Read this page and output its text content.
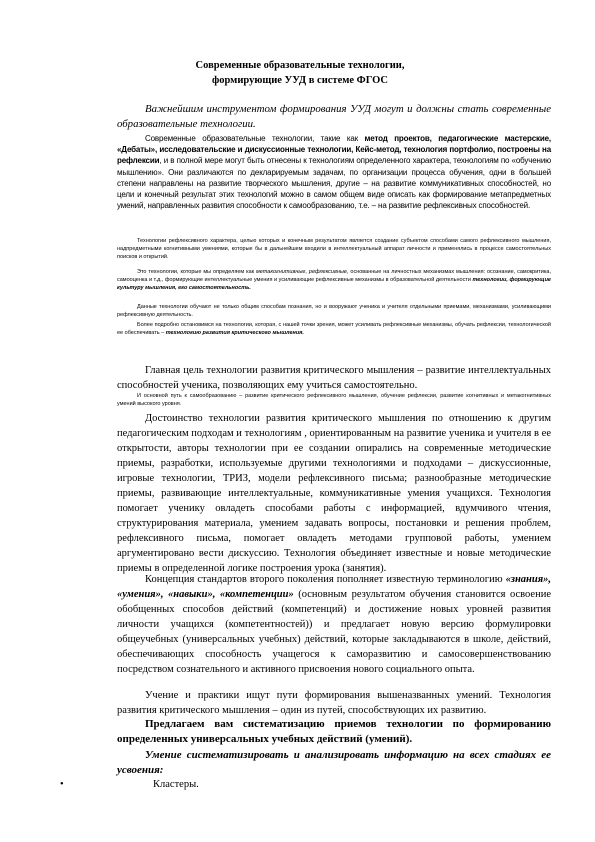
Современные образовательные технологии,
формирующие УУД в системе ФГОС
Важнейшим инструментом формирования УУД могут и должны стать современные образовательные технологии.
Современные образовательные технологии, такие как метод проектов, педагогические мастерские, «Дебаты», исследовательские и дискуссионные технологии, Кейс-метод, технология портфолио, построены на рефлексии, и в полной мере могут быть отнесены к технологиям определенного характера, технологиям по «обучению мышлению». Они различаются по декларируемым задачам, по организации процесса обучения, одни в большей степени направлены на развитие творческого мышления, другие – на развитие коммуникативных способностей, но цели и конечный результат этих технологий можно в самом общем виде описать как формирование метапредметных умений, направленных развития способности к самообразованию, т.е. – на развитие рефлексивных способностей.
Технологии рефлексивного характера, целью которых и конечным результатом является создание субъектом способами самого рефлексивного мышления, надпредметными когнитивными умениями, которые бы в дальнейшем входили в интеллектуальный аппарат личности и применялись в процессе самостоятельных поисков и открытий.
Это технологии, которые мы определяем как метакогнитивные, рефлексивные, основанные на личностных механизмах мышления: осознание, самокритика, самооценка и т.д., формирующие интеллектуальные умения и усиливающие рефлексивные механизмы в образовательной деятельности технологии, формирующие культуру мышления, его самостоятельность.
Данные технологии обучают не только общим способам познания, но и вооружают ученика и учителя отдельными приемами, механизмами, усиливающими рефлексивную деятельность.
Более подробно остановимся на технологии, которая, с нашей точки зрения, может усиливать рефлексивные механизмы, обучать рефлексии, технологической ее обеспечивать – технологию развития критического мышления.
Главная цель технологии развития критического мышления – развитие интеллектуальных способностей ученика, позволяющих ему учиться самостоятельно.
И основной путь к самообразованию – развитие критического рефлексивного мышления, обучение рефлексии, развитие когнитивных и метакогнитивных умений высокого уровня.
Достоинство технологии развития критического мышления по отношению к другим педагогическим подходам и технологиям , ориентированным на развитие ученика и учителя в ее открытости, авторы технологии при ее создании опирались на современные методические приемы, разработки, используемые другими технологиями и подходами – дискуссионные, игровые технологии, ТРИЗ, модели рефлексивного письма; разнообразные методические приемы, развивающие интеллектуальные, коммуникативные умения учащихся. Технология помогает ученику овладеть способами работы с информацией, вдумчивого чтения, структурирования материала, умением задавать вопросы, постановки и решения проблем, рефлексивного письма, помогает овладеть методами групповой работы, умением аргументировано вести дискуссию. Технология объединяет известные и новые методические приемы в определенной логике построения урока (занятия).
Концепция стандартов второго поколения пополняет известную терминологию «знания», «умения», «навыки», «компетенции» (основным результатом обучения становится освоение обобщенных способов действий (компетенций) и достижение новых уровней развития личности учащихся (компетентностей)) и предлагает новую версию формулировки общеучебных (универсальных учебных) действий, которые закладываются в школе, действий, обеспечивающих способность учащегося к саморазвитию и самосовершенствованию посредством сознательного и активного присвоения нового социального опыта.
Учение и практики ищут пути формирования вышеназванных умений. Технология развития критического мышления – один из путей, способствующих их развитию.
Предлагаем вам систематизацию приемов технологии по формированию определенных универсальных учебных действий (умений).
Умение систематизировать и анализировать информацию на всех стадиях ее усвоения:
•	Кластеры.
